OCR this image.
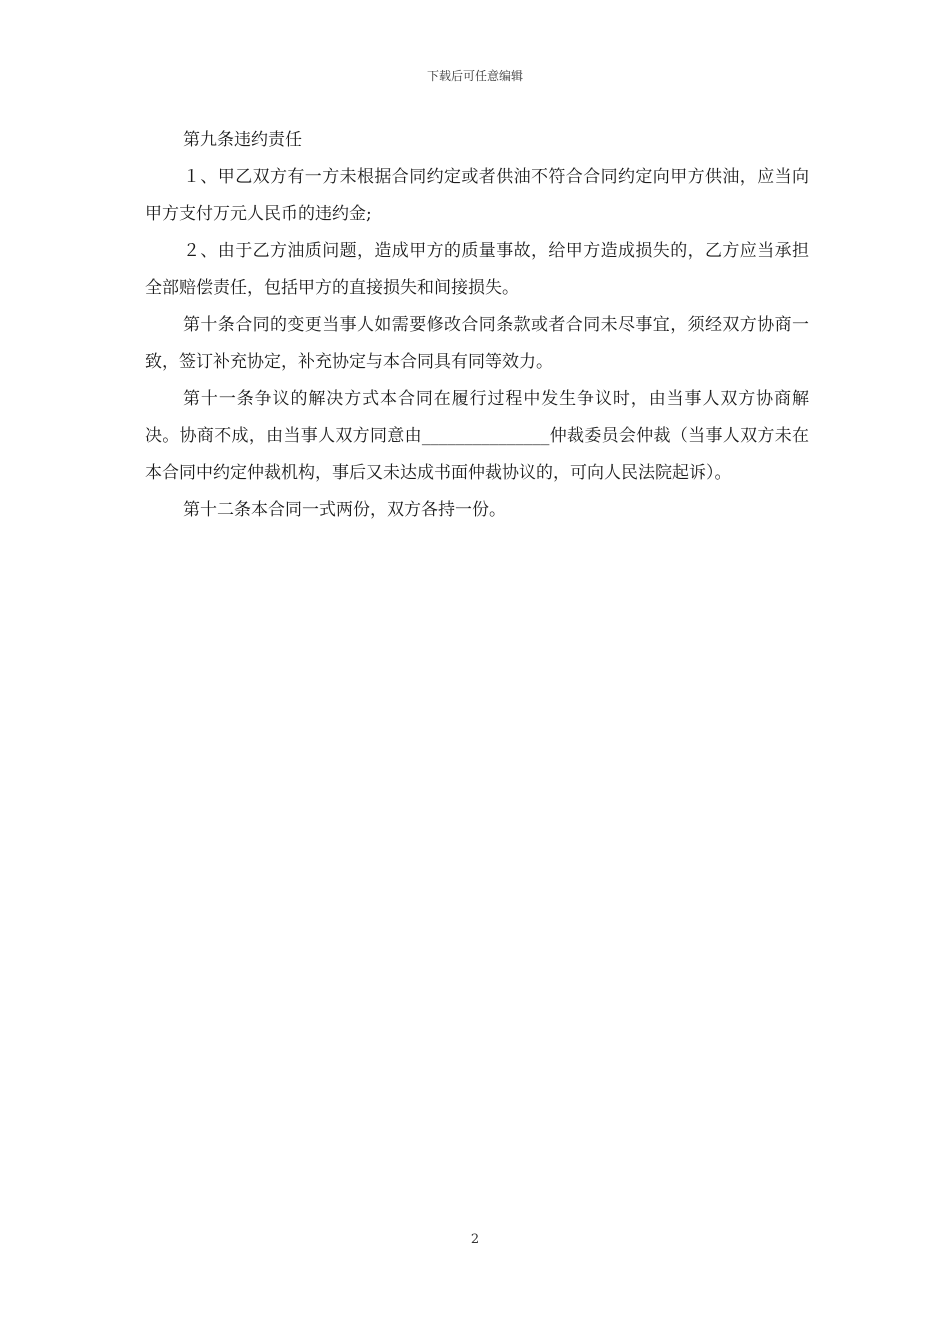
下载后可任意编辑

第九条违约责任

１、甲乙双方有一方未根据合同约定或者供油不符合合同约定向甲方供油，应当向甲方支付万元人民币的违约金;

２、由于乙方油质问题，造成甲方的质量事故，给甲方造成损失的，乙方应当承担全部赔偿责任，包括甲方的直接损失和间接损失。

第十条合同的变更当事人如需要修改合同条款或者合同未尽事宜，须经双方协商一致，签订补充协定，补充协定与本合同具有同等效力。

第十一条争议的解决方式本合同在履行过程中发生争议时，由当事人双方协商解决。协商不成，由当事人双方同意由_______________仲裁委员会仲裁（当事人双方未在本合同中约定仲裁机构，事后又未达成书面仲裁协议的，可向人民法院起诉）。

第十二条本合同一式两份，双方各持一份。

2
